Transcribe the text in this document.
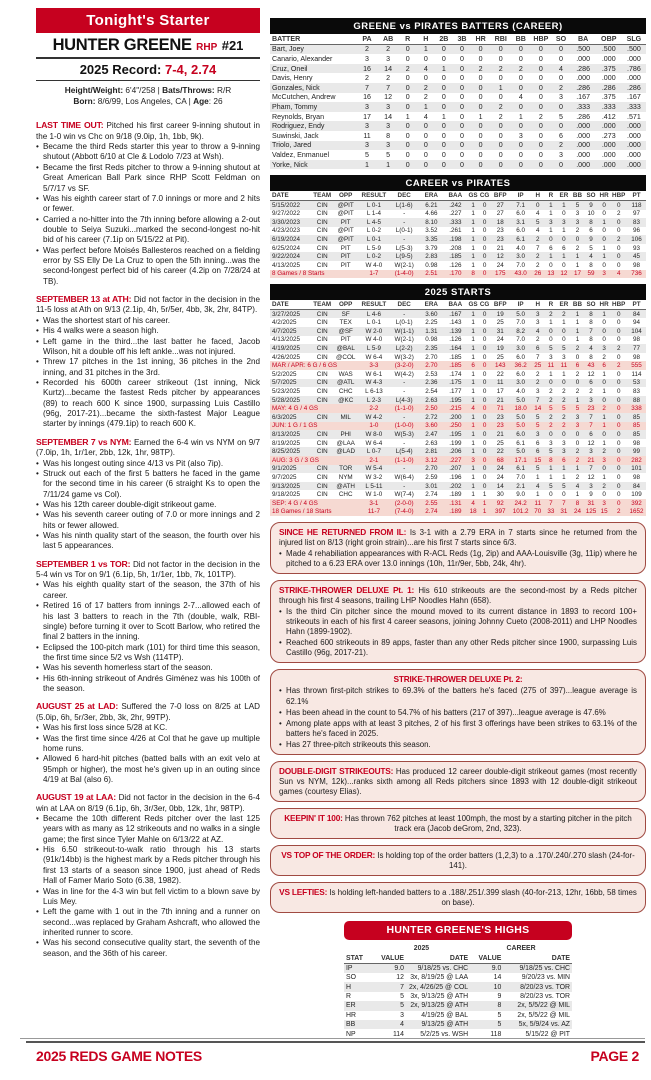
Tonight's Starter
HUNTER GREENE RHP #21
2025 Record: 7-4, 2.74
Height/Weight: 6'4"/258 | Bats/Throws: R/R
Born: 8/6/99, Los Angeles, CA | Age: 26
LAST TIME OUT: Pitched his first career 9-inning shutout in the 1-0 win vs Chc on 9/18 (9.0ip, 1h, 1bb, 9k).
• Became the third Reds starter this year to throw a 9-inning shutout (Abbott 6/10 at Cle & Lodolo 7/23 at Wsh).
• Became the first Reds pitcher to throw a 9-inning shutout at Great American Ball Park since RHP Scott Feldman on 5/7/17 vs SF.
• Was his eighth career start of 7.0 innings or more and 2 hits or fewer.
• Carried a no-hitter into the 7th inning before allowing a 2-out double to Seiya Suzuki...marked the second-longest no-hit bid of his career (7.1ip on 5/15/22 at Pit).
• Was perfect before Moisés Ballesteros reached on a fielding error by SS Elly De La Cruz to open the 5th inning...was the second-longest perfect bid of his career (4.2ip on 7/28/24 at TB).
SEPTEMBER 13 at ATH: Did not factor in the decision in the 11-5 loss at Ath on 9/13 (2.1ip, 4h, 5r/5er, 4bb, 3k, 2hr, 84TP).
• Was the shortest start of his career.
• His 4 walks were a season high.
• Left game in the third...the last batter he faced, Jacob Wilson, hit a double off his left ankle...was not injured.
• Threw 17 pitches in the 1st inning, 36 pitches in the 2nd inning, and 31 pitches in the 3rd.
• Recorded his 600th career strikeout (1st inning, Nick Kurtz)...became the fastest Reds pitcher by appearances (89) to reach 600 K since 1900, surpassing Luis Castillo (96g, 2017-21)...became the sixth-fastest Major League starter by innings (479.1ip) to reach 600 K.
SEPTEMBER 7 vs NYM: Earned the 6-4 win vs NYM on 9/7 (7.0ip, 1h, 1r/1er, 2bb, 12k, 1hr, 98TP).
• Was his longest outing since 4/13 vs Pit (also 7ip).
• Struck out each of the first 5 batters he faced in the game for the second time in his career (6 straight Ks to open the 7/11/24 game vs Col).
• Was his 12th career double-digit strikeout game.
• Was his seventh career outing of 7.0 or more innings and 2 hits or fewer allowed.
• Was his ninth quality start of the season, the fourth over his last 5 appearances.
SEPTEMBER 1 vs TOR: Did not factor in the decision in the 5-4 win vs Tor on 9/1 (6.1ip, 5h, 1r/1er, 1bb, 7k, 101TP).
• Was his eighth quality start of the season, the 37th of his career.
• Retired 16 of 17 batters from innings 2-7...allowed each of his last 3 batters to reach in the 7th (double, walk, RBI-single) before turning it over to Scott Barlow, who retired the final 2 batters in the inning.
• Eclipsed the 100-pitch mark (101) for third time this season, the first time since 5/2 vs Wsh (114TP).
• Was his seventh homerless start of the season.
• His 6th-inning strikeout of Andrés Giménez was his 100th of the season.
AUGUST 25 at LAD: Suffered the 7-0 loss on 8/25 at LAD (5.0ip, 6h, 5r/3er, 2bb, 3k, 2hr, 99TP).
• Was his first loss since 5/28 at KC.
• Was the first time since 4/26 at Col that he gave up multiple home runs.
• Allowed 6 hard-hit pitches (batted balls with an exit velo at 95mph or higher), the most he's given up in an outing since 4/19 at Bal (also 6).
AUGUST 19 at LAA: Did not factor in the decision in the 6-4 win at LAA on 8/19 (6.1ip, 6h, 3r/3er, 0bb, 12k, 1hr, 98TP).
• Became the 10th different Reds pitcher over the last 125 years with as many as 12 strikeouts and no walks in a single game; the first since Tyler Mahle on 6/13/22 at AZ.
• His 6.50 strikeout-to-walk ratio through his 13 starts (91k/14bb) is the highest mark by a Reds pitcher through his first 13 starts of a season since 1900, just ahead of Reds Hall of Famer Mario Soto (6.38, 1982).
• Was in line for the 4-3 win but fell victim to a blown save by Luis Mey.
• Left the game with 1 out in the 7th inning and a runner on second...was replaced by Graham Ashcraft, who allowed the inherited runner to score.
• Was his second consecutive quality start, the seventh of the season, and the 36th of his career.
GREENE vs PIRATES BATTERS (CAREER)
BATTER	PA	AB	R	H	2B	3B	HR	RBI	BB	HBP	SO	BA	OBP	SLG
Bart, Joey	2	2	0	1	0	0	0	0	0	0	0	.500	.500	.500
Canario, Alexander	3	3	0	0	0	0	0	0	0	0	0	.000	.000	.000
Cruz, Oneil	16	14	2	4	1	0	2	2	2	0	4	.286	.375	.786
Davis, Henry	2	2	0	0	0	0	0	0	0	0	0	.000	.000	.000
Gonzales, Nick	7	7	0	2	0	0	0	1	0	0	2	.286	.286	.286
McCutchen, Andrew	16	12	0	2	0	0	0	0	4	0	3	.167	.375	.167
Pham, Tommy	3	3	0	1	0	0	0	2	0	0	0	.333	.333	.333
Reynolds, Bryan	17	14	1	4	1	0	1	2	1	2	5	.286	.412	.571
Rodriguez, Endy	3	3	0	0	0	0	0	0	0	0	0	.000	.000	.000
Suwinski, Jack	11	8	0	0	0	0	0	0	3	0	6	.000	.273	.000
Triolo, Jared	3	3	0	0	0	0	0	0	0	0	2	.000	.000	.000
Valdez, Enmanuel	5	5	0	0	0	0	0	0	0	0	3	.000	.000	.000
Yorke, Nick	1	1	0	0	0	0	0	0	0	0	0	.000	.000	.000
CAREER vs PIRATES
DATE	TEAM	OPP	RESULT	DEC	ERA	BAA	GS	CG	BFP	IP	H	R	ER	BB	SO	HR	HBP	PT
5/15/2022	CIN	@PIT	L 0-1	L(1-6)	6.21	.242	1	0	27	7.1	0	1	1	5	9	0	0	118
9/27/2022	CIN	@PIT	L 1-4	-	4.66	.227	1	0	27	6.0	4	1	0	3	10	0	2	97
3/30/2023	CIN	PIT	L 4-5	-	8.10	.333	1	0	18	3.1	5	3	3	3	8	1	0	83
4/23/2023	CIN	@PIT	L 0-2	L(0-1)	3.52	.261	1	0	23	6.0	4	1	1	2	6	0	0	96
6/19/2024	CIN	@PIT	L 0-1	-	3.35	.198	1	0	23	6.1	2	0	0	0	9	0	2	106
6/25/2024	CIN	PIT	L 5-9	L(5-3)	3.79	.208	1	0	21	4.0	7	6	6	2	5	1	0	93
9/22/2024	CIN	PIT	L 0-2	L(9-5)	2.83	.185	1	0	12	3.0	2	1	1	1	4	1	0	45
4/13/2025	CIN	PIT	W 4-0	W(2-1)	0.98	.126	1	0	24	7.0	2	0	0	1	8	0	0	98
8 Games / 8 Starts			1-7	(1-4-0)	2.51	.170	8	0	175	43.0	26	13	12	17	59	3	4	736
2025 STARTS
DATE	TEAM	OPP	RESULT	DEC	ERA	BAA	GS	CG	BFP	IP	H	R	ER	BB	SO	HR	HBP	PT
3/27/2025	CIN	SF	L 4-6	-	3.60	.167	1	0	19	5.0	3	2	2	1	8	1	0	84
4/2/2025	CIN	TEX	L 0-1	L(0-1)	2.25	.143	1	0	25	7.0	3	1	1	1	8	0	0	94
4/7/2025	CIN	@SF	W 2-0	W(1-1)	1.31	.139	1	0	31	8.2	4	0	0	1	7	0	0	104
4/13/2025	CIN	PIT	W 4-0	W(2-1)	0.98	.126	1	0	24	7.0	2	0	0	1	8	0	0	98
4/19/2025	CIN	@BAL	L 5-9	L(2-2)	2.35	.164	1	0	19	3.0	6	5	5	2	4	3	2	77
4/26/2025	CIN	@COL	W 6-4	W(3-2)	2.70	.185	1	0	25	6.0	7	3	3	0	8	2	0	98
MAR / APR: 6 G / 6 GS			3-3	(3-2-0)	2.70	.185	6	0	143	36.2	25	11	11	6	43	6	2	555
5/2/2025	CIN	WAS	W 6-1	W(4-2)	2.53	.174	1	0	22	6.0	2	1	1	2	12	1	0	114
5/7/2025	CIN	@ATL	W 4-3	-	2.36	.175	1	0	11	3.0	2	0	0	0	6	0	0	53
5/23/2025	CIN	CHC	L 6-13	-	2.54	.177	1	0	17	4.0	3	2	2	2	2	1	0	83
5/28/2025	CIN	@KC	L 2-3	L(4-3)	2.63	.195	1	0	21	5.0	7	2	2	1	3	0	0	88
MAY: 4 G / 4 GS			2-2	(1-1-0)	2.50	.215	4	0	71	18.0	14	5	5	5	23	2	0	338
6/3/2025	CIN	MIL	W 4-2	-	2.72	.200	1	0	23	5.0	5	2	2	3	7	1	0	85
JUN: 1 G / 1 GS			1-0	(1-0-0)	3.60	.250	1	0	23	5.0	5	2	2	3	7	1	0	85
8/13/2025	CIN	PHI	W 8-0	W(5-3)	2.47	.195	1	0	21	6.0	3	0	0	0	6	0	0	85
8/19/2025	CIN	@LAA	W 6-4	-	2.63	.199	1	0	25	6.1	6	3	3	0	12	1	0	98
8/25/2025	CIN	@LAD	L 0-7	L(5-4)	2.81	.206	1	0	22	5.0	6	5	3	2	3	2	0	99
AUG: 3 G / 3 GS			2-1	(1-1-0)	3.12	.227	3	0	68	17.1	15	8	6	2	21	3	0	282
9/1/2025	CIN	TOR	W 5-4	-	2.70	.207	1	0	24	6.1	5	1	1	1	7	0	0	101
9/7/2025	CIN	NYM	W 3-2	W(6-4)	2.59	.196	1	0	24	7.0	1	1	1	2	12	1	0	98
9/13/2025	CIN	@ATH	L 5-11	-	3.01	.202	1	0	14	2.1	4	5	5	4	3	2	0	84
9/18/2025	CIN	CHC	W 1-0	W(7-4)	2.74	.189	1	1	30	9.0	1	0	0	1	9	0	0	109
SEP: 4 G / 4 GS			3-1	(2-0-0)	2.55	.131	4	1	92	24.2	11	7	7	8	31	3	0	392
18 Games / 18 Starts			11-7	(7-4-0)	2.74	.189	18	1	397	101.2	70	33	31	24	125	15	2	1652
SINCE HE RETURNED FROM IL: Is 3-1 with a 2.79 ERA in 7 starts since he returned from the injured list on 8/13 (right groin strain)...are his first 7 starts since 6/3.
• Made 4 rehabiliation appearances with R-ACL Reds (1g, 2ip) and AAA-Louisville (3g, 11ip) where he pitched to a 6.23 ERA over 13.0 innings (10h, 11r/9er, 5bb, 24k, 4hr).
STRIKE-THROWER DELUXE Pt. 1: His 610 strikeouts are the second-most by a Reds pitcher through his first 4 seasons, trailing LHP Noodles Hahn (658).
• Is the third Cin pitcher since the mound moved to its current distance in 1893 to record 100+ strikeouts in each of his first 4 career seasons, joining Johnny Cueto (2008-2011) and LHP Noodles Hahn (1899-1902).
• Reached 600 strikeouts in 89 apps, faster than any other Reds pitcher since 1900, surpassing Luis Castillo (96g, 2017-21).
STRIKE-THROWER DELUXE Pt. 2:
• Has thrown first-pitch strikes to 69.3% of the batters he's faced (275 of 397)...league average is 62.1%
• Has been ahead in the count to 54.7% of his batters (217 of 397)...league average is 47.6%
• Among plate apps with at least 3 pitches, 2 of his first 3 offerings have been strikes to 63.1% of the batters he's faced in 2025.
• Has 27 three-pitch strikeouts this season.
DOUBLE-DIGIT STRIKEOUTS: Has produced 12 career double-digit strikeout games (most recently Sun vs NYM, 12k)...ranks sixth among all Reds pitchers since 1893 with 12 double-digit strikeout games (courtesy Elias).
KEEPIN' IT 100: Has thrown 762 pitches at least 100mph, the most by a starting pitcher in the pitch track era (Jacob deGrom, 2nd, 323).
VS TOP OF THE ORDER: Is holding top of the order batters (1,2,3) to a .170/.240/.270 slash (24-for-141).
VS LEFTIES: Is holding left-handed batters to a .188/.251/.399 slash (40-for-213, 12hr, 16bb, 58 times on base).
HUNTER GREENE'S HIGHS
	2025		CAREER	
STAT	VALUE	DATE	VALUE	DATE
IP	9.0	9/18/25 vs. CHC	9.0	9/18/25 vs. CHC
SO	12	3x, 8/19/25 @ LAA	14	9/20/23 vs. MIN
H	7	2x, 4/26/25 @ COL	10	8/20/23 vs. TOR
R	5	3x, 9/13/25 @ ATH	9	8/20/23 vs. TOR
ER	5	2x, 9/13/25 @ ATH	8	2x, 5/5/22 @ MIL
HR	3	4/19/25 @ BAL	5	2x, 5/5/22 @ MIL
BB	4	9/13/25 @ ATH	5	5x, 5/9/24 vs. AZ
NP	114	5/2/25 vs. WSH	118	5/15/22 @ PIT
2025 REDS GAME NOTES	PAGE 2
